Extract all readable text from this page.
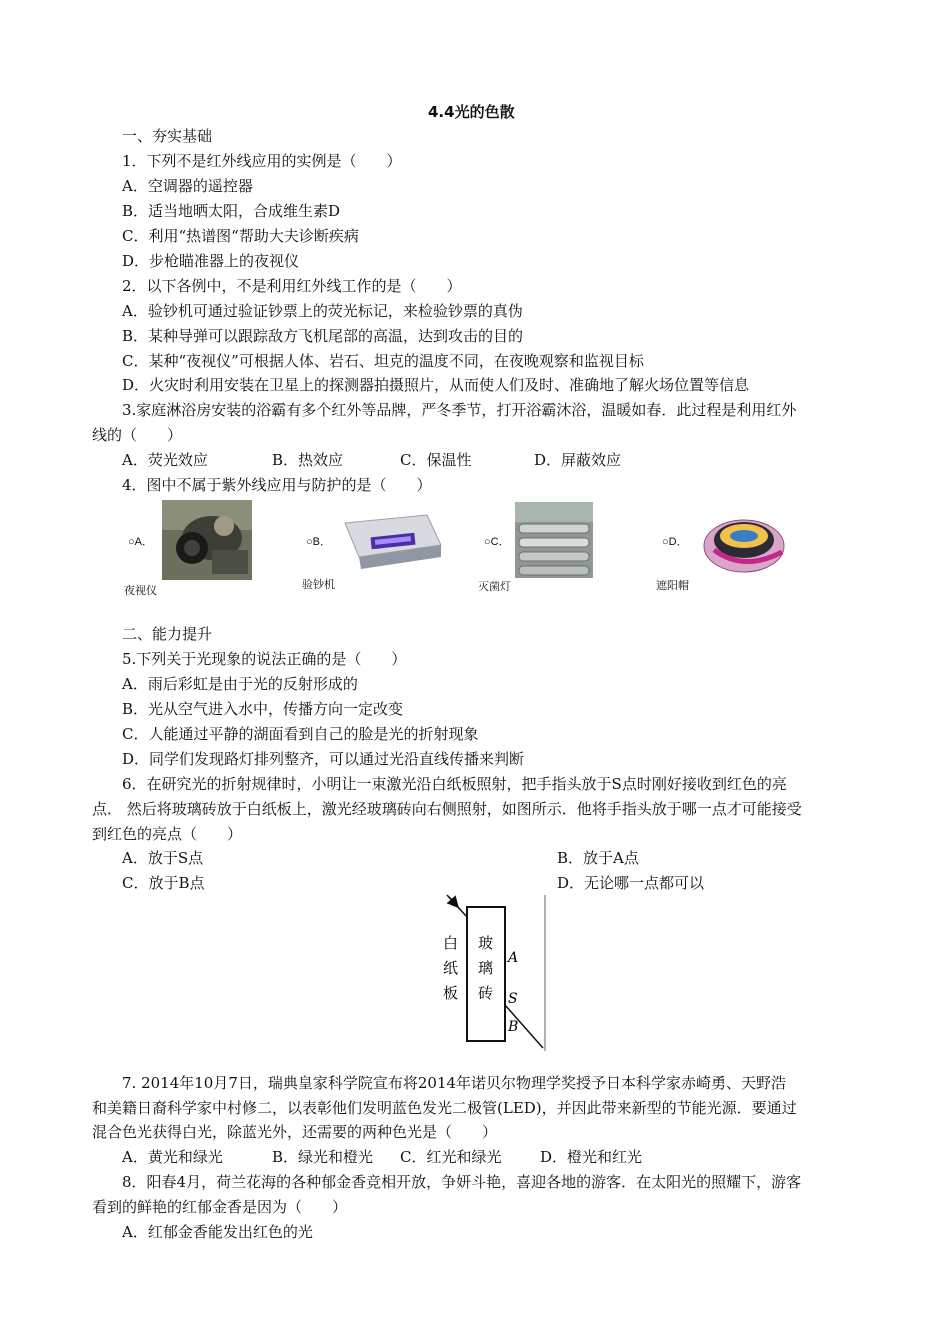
4.4光的色散
一、夯实基础
1．下列不是红外线应用的实例是（　　）
A．空调器的遥控器
B．适当地晒太阳，合成维生素D
C．利用“热谱图“帮助大夫诊断疾病
D．步枪瞄准器上的夜视仪
2．以下各例中，不是利用红外线工作的是（　　）
A．验钞机可通过验证钞票上的荧光标记，来检验钞票的真伪
B．某种导弹可以跟踪敌方飞机尾部的高温，达到攻击的目的
C．某种“夜视仪”可根据人体、岩石、坦克的温度不同，在夜晚观察和监视目标
D．火灾时利用安装在卫星上的探测器拍摄照片，从而使人们及时、准确地了解火场位置等信息
3.家庭淋浴房安装的浴霸有多个红外等品牌，严冬季节，打开浴霸沐浴，温暖如春．此过程是利用红外
线的（　　）
A．荧光效应	B．热效应	C．保温性	D．屏蔽效应
4．图中不属于紫外线应用与防护的是（　　）
○A．
夜视仪
○B．
验钞机
○C．
灭菌灯
○D．
遮阳帽
二、能力提升
5.下列关于光现象的说法正确的是（　　）
A．雨后彩虹是由于光的反射形成的
B．光从空气进入水中，传播方向一定改变
C．人能通过平静的湖面看到自己的脸是光的折射现象
D．同学们发现路灯排列整齐，可以通过光沿直线传播来判断
6．在研究光的折射规律时，小明让一束激光沿白纸板照射，把手指头放于S点时刚好接收到红色的亮
点． 然后将玻璃砖放于白纸板上，激光经玻璃砖向右侧照射，如图所示．他将手指头放于哪一点才可能接受
到红色的亮点（　　）
A．放于S点	B．放于A点
C．放于B点	D．无论哪一点都可以
白
纸
板
玻
璃
砖
A
S
B
7. 2014年10月7日，瑞典皇家科学院宣布将2014年诺贝尔物理学奖授予日本科学家赤崎勇、天野浩
和美籍日裔科学家中村修二，以表彰他们发明蓝色发光二极管(LED)，并因此带来新型的节能光源．要通过
混合色光获得白光，除蓝光外，还需要的两种色光是（　　）
A．黄光和绿光	B．绿光和橙光 C．红光和绿光	D．橙光和红光
8．阳春4月，荷兰花海的各种郁金香竞相开放，争妍斗艳，喜迎各地的游客．在太阳光的照耀下，游客
看到的鲜艳的红郁金香是因为（　　）
A．红郁金香能发出红色的光
